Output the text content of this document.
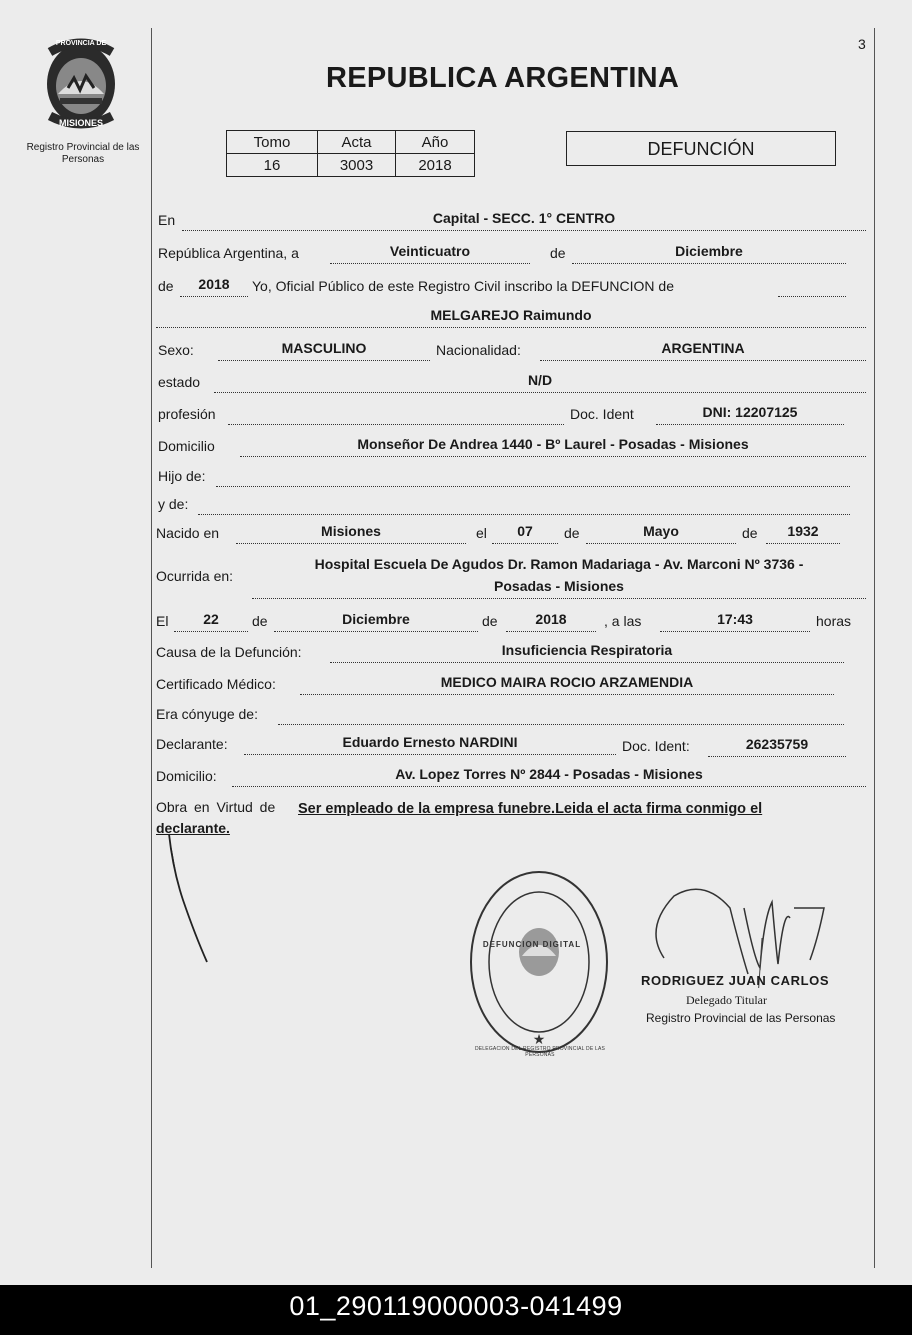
3
PROVINCIA DE
MISIONES
Registro Provincial de las Personas
REPUBLICA ARGENTINA
Tomo	Acta	Año
16	3003	2018
DEFUNCIÓN
En	Capital - SECC. 1° CENTRO
República Argentina, a	Veinticuatro	de	Diciembre
de	2018	Yo, Oficial Público de este Registro Civil inscribo la DEFUNCION de
MELGAREJO Raimundo
Sexo:	MASCULINO	Nacionalidad:	ARGENTINA
estado	N/D
profesión	Doc. Ident	DNI: 12207125
Domicilio	Monseñor De Andrea 1440 - Bº Laurel - Posadas - Misiones
Hijo de:
y de:
Nacido en	Misiones	el	07	de	Mayo	de	1932
Ocurrida en:
Hospital Escuela De Agudos Dr. Ramon Madariaga - Av. Marconi Nº 3736 -
Posadas - Misiones
El	22	de	Diciembre	de	2018	, a las	17:43	horas
Causa de la Defunción:	Insuficiencia Respiratoria
Certificado Médico:	MEDICO MAIRA ROCIO ARZAMENDIA
Era cónyuge de:
Declarante:	Eduardo Ernesto NARDINI	Doc. Ident:	26235759
Domicilio:	Av. Lopez Torres Nº 2844 - Posadas - Misiones
Obra en Virtud de Ser empleado de la empresa funebre.Leida el acta firma conmigo el
declarante.
★
DEFUNCION DIGITAL
DELEGACION DEL REGISTRO PROVINCIAL DE LAS PERSONAS
RODRIGUEZ JUAN CARLOS
Delegado Titular
Registro Provincial de las Personas
01_290119000003-041499
